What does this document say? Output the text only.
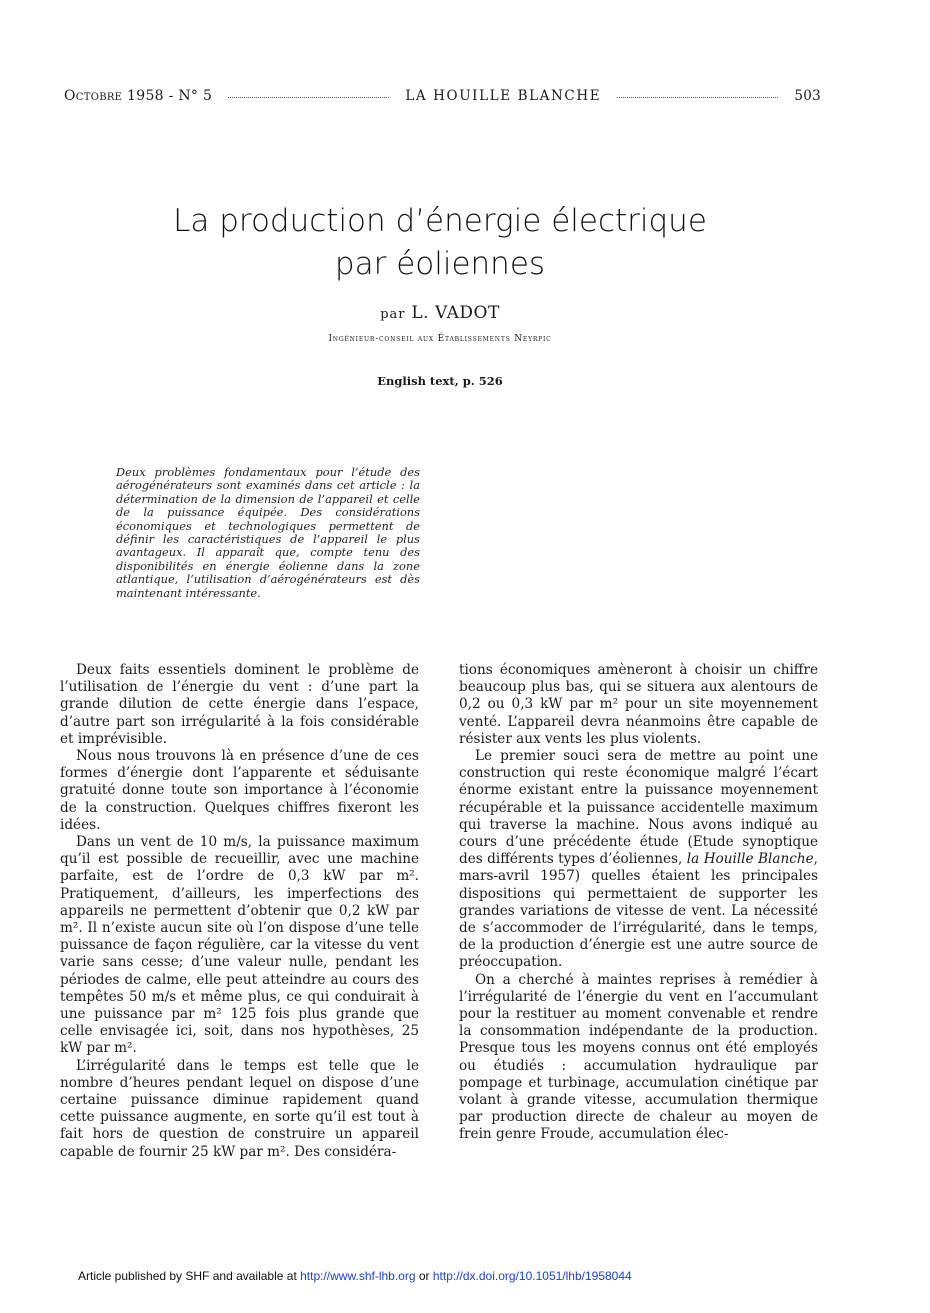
Octobre 1958 - N° 5	LA HOUILLE BLANCHE	503
La production d’énergie électrique
par éoliennes
par L. VADOT
Ingénieur-conseil aux Établissements Neyrpic
English text, p. 526
Deux problèmes fondamentaux pour l’étude des aérogénérateurs sont examinés dans cet article : la détermination de la dimension de l’appareil et celle de la puissance équipée. Des considérations économiques et technologiques permettent de définir les caractéristiques de l’appareil le plus avantageux. Il apparaît que, compte tenu des disponibilités en énergie éolienne dans la zone atlantique, l’utilisation d’aérogénérateurs est dès maintenant intéressante.

Deux faits essentiels dominent le problème de l’utilisation de l’énergie du vent : d’une part la grande dilution de cette énergie dans l’espace, d’autre part son irrégularité à la fois considérable et imprévisible.

Nous nous trouvons là en présence d’une de ces formes d’énergie dont l’apparente et séduisante gratuité donne toute son importance à l’économie de la construction. Quelques chiffres fixeront les idées.

Dans un vent de 10 m/s, la puissance maximum qu’il est possible de recueillir, avec une machine parfaite, est de l’ordre de 0,3 kW par m². Pratiquement, d’ailleurs, les imperfections des appareils ne permettent d’obtenir que 0,2 kW par m². Il n’existe aucun site où l’on dispose d’une telle puissance de façon régulière, car la vitesse du vent varie sans cesse; d’une valeur nulle, pendant les périodes de calme, elle peut atteindre au cours des tempêtes 50 m/s et même plus, ce qui conduirait à une puissance par m² 125 fois plus grande que celle envisagée ici, soit, dans nos hypothèses, 25 kW par m².

L’irrégularité dans le temps est telle que le nombre d’heures pendant lequel on dispose d’une certaine puissance diminue rapidement quand cette puissance augmente, en sorte qu’il est tout à fait hors de question de construire un appareil capable de fournir 25 kW par m². Des considéra-

tions économiques amèneront à choisir un chiffre beaucoup plus bas, qui se situera aux alentours de 0,2 ou 0,3 kW par m² pour un site moyennement venté. L’appareil devra néanmoins être capable de résister aux vents les plus violents.

Le premier souci sera de mettre au point une construction qui reste économique malgré l’écart énorme existant entre la puissance moyennement récupérable et la puissance accidentelle maximum qui traverse la machine. Nous avons indiqué au cours d’une précédente étude (Etude synoptique des différents types d’éoliennes, la Houille Blanche, mars-avril 1957) quelles étaient les principales dispositions qui permettaient de supporter les grandes variations de vitesse de vent. La nécessité de s’accommoder de l’irrégularité, dans le temps, de la production d’énergie est une autre source de préoccupation.

On a cherché à maintes reprises à remédier à l’irrégularité de l’énergie du vent en l’accumulant pour la restituer au moment convenable et rendre la consommation indépendante de la production. Presque tous les moyens connus ont été employés ou étudiés : accumulation hydraulique par pompage et turbinage, accumulation cinétique par volant à grande vitesse, accumulation thermique par production directe de chaleur au moyen de frein genre Froude, accumulation élec-

Article published by SHF and available at http://www.shf-lhb.org or http://dx.doi.org/10.1051/lhb/1958044
